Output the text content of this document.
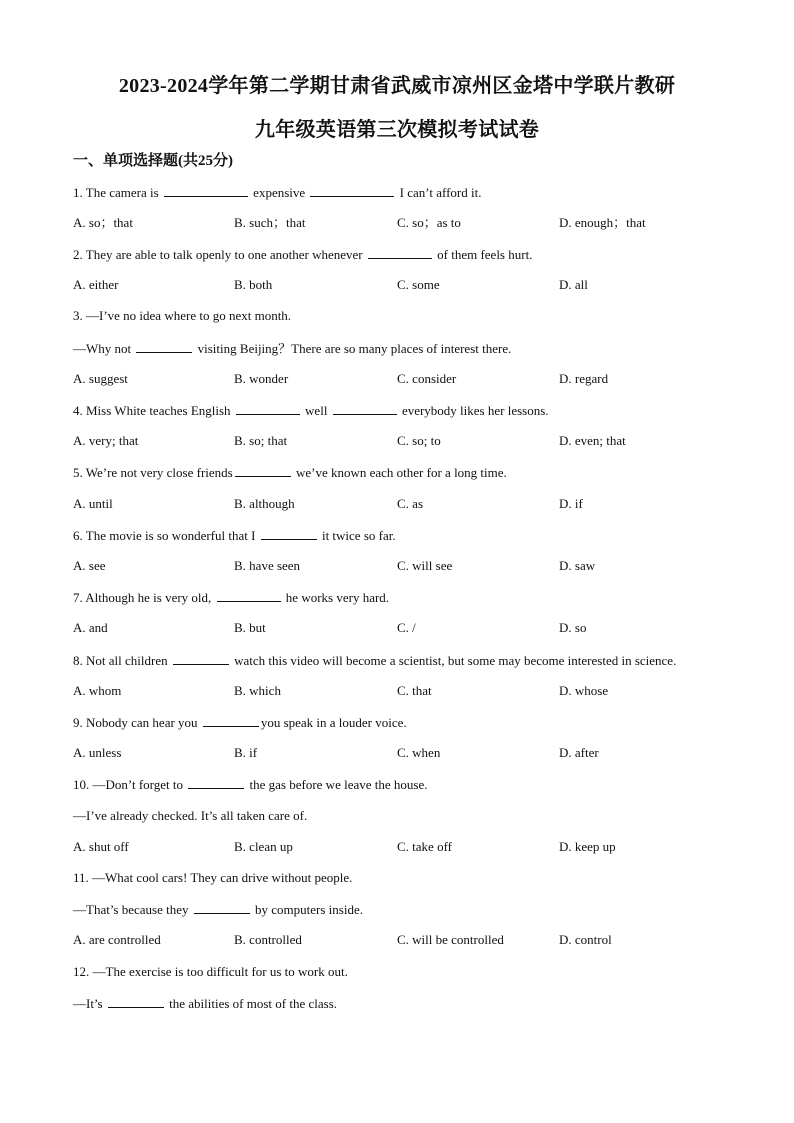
2023-2024学年第二学期甘肃省武威市凉州区金塔中学联片教研
九年级英语第三次模拟考试试卷
一、单项选择题(共25分)
1. The camera is	expensive	I can’t afford it.
A. so；that	B. such；that	C. so；as to	D. enough；that
2. They are able to talk openly to one another whenever	of them feels hurt.
A. either	B. both	C. some	D. all
3. —I’ve no idea where to go next month.
—Why not	visiting Beijing？There are so many places of interest there.
A. suggest	B. wonder	C. consider	D. regard
4. Miss White teaches English	well	everybody likes her lessons.
A. very; that	B. so; that	C. so; to	D. even; that
5. We’re not very close friends	we’ve known each other for a long time.
A. until	B. although	C. as	D. if
6. The movie is so wonderful that I	it twice so far.
A. see	B. have seen	C. will see	D. saw
7. Although he is very old,	he works very hard.
A. and	B. but	C. /	D. so
8. Not all children	watch this video will become a scientist, but some may become interested in science.
A. whom	B. which	C. that	D. whose
9. Nobody can hear you	you speak in a louder voice.
A. unless	B. if	C. when	D. after
10. —Don’t forget to	the gas before we leave the house.
—I’ve already checked. It’s all taken care of.
A. shut off	B. clean up	C. take off	D. keep up
11. —What cool cars! They can drive without people.
—That’s because they	by computers inside.
A. are controlled	B. controlled	C. will be controlled	D. control
12. —The exercise is too difficult for us to work out.
—It’s	the abilities of most of the class.
